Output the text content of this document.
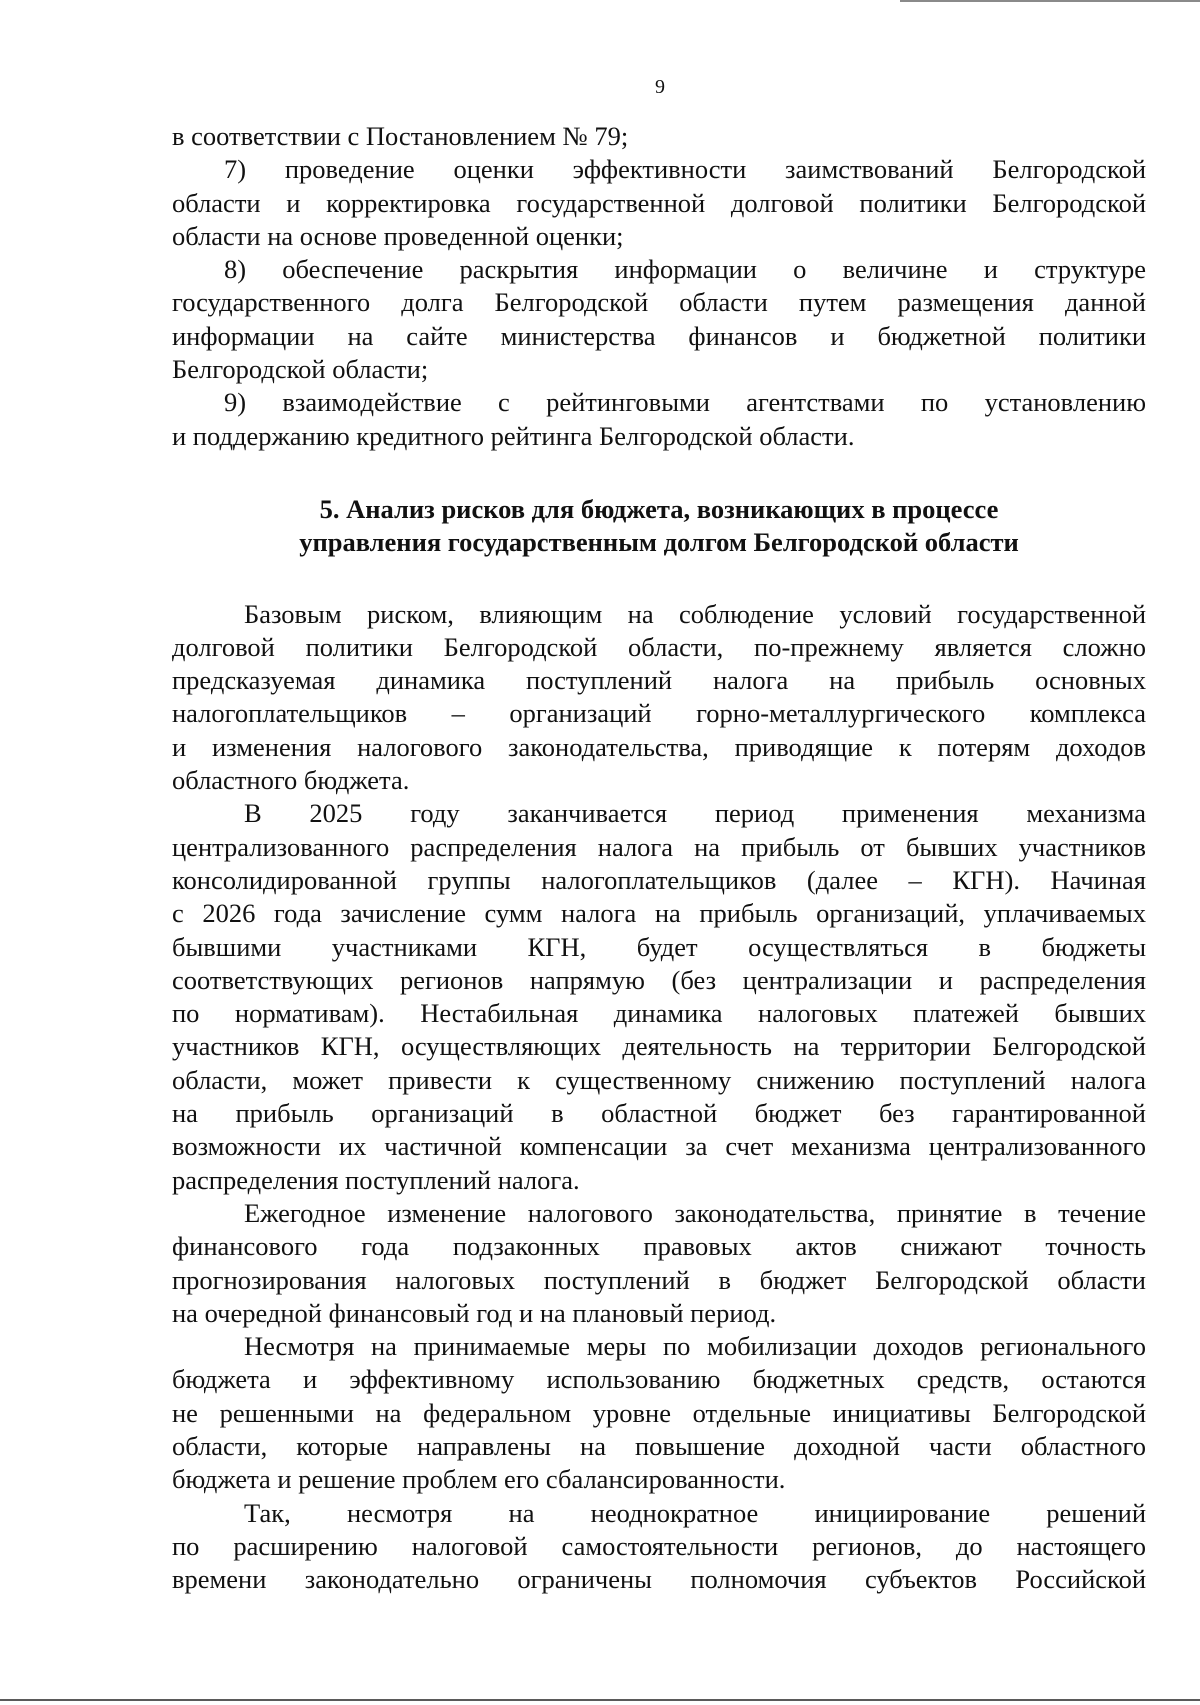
9
в соответствии с Постановлением № 79;
7) проведение оценки эффективности заимствований Белгородской
области и корректировка государственной долговой политики Белгородской
области на основе проведенной оценки;
8) обеспечение раскрытия информации о величине и структуре
государственного долга Белгородской области путем размещения данной
информации на сайте министерства финансов и бюджетной политики
Белгородской области;
9) взаимодействие с рейтинговыми агентствами по установлению
и поддержанию кредитного рейтинга Белгородской области.
5. Анализ рисков для бюджета, возникающих в процессе
управления государственным долгом Белгородской области
Базовым риском, влияющим на соблюдение условий государственной
долговой политики Белгородской области, по-прежнему является сложно
предсказуемая динамика поступлений налога на прибыль основных
налогоплательщиков – организаций горно-металлургического комплекса
и изменения налогового законодательства, приводящие к потерям доходов
областного бюджета.
В 2025 году заканчивается период применения механизма
централизованного распределения налога на прибыль от бывших участников
консолидированной группы налогоплательщиков (далее – КГН). Начиная
с 2026 года зачисление сумм налога на прибыль организаций, уплачиваемых
бывшими участниками КГН, будет осуществляться в бюджеты
соответствующих регионов напрямую (без централизации и распределения
по нормативам). Нестабильная динамика налоговых платежей бывших
участников КГН, осуществляющих деятельность на территории Белгородской
области, может привести к существенному снижению поступлений налога
на прибыль организаций в областной бюджет без гарантированной
возможности их частичной компенсации за счет механизма централизованного
распределения поступлений налога.
Ежегодное изменение налогового законодательства, принятие в течение
финансового года подзаконных правовых актов снижают точность
прогнозирования налоговых поступлений в бюджет Белгородской области
на очередной финансовый год и на плановый период.
Несмотря на принимаемые меры по мобилизации доходов регионального
бюджета и эффективному использованию бюджетных средств, остаются
не решенными на федеральном уровне отдельные инициативы Белгородской
области, которые направлены на повышение доходной части областного
бюджета и решение проблем его сбалансированности.
Так, несмотря на неоднократное инициирование решений
по расширению налоговой самостоятельности регионов, до настоящего
времени законодательно ограничены полномочия субъектов Российской
